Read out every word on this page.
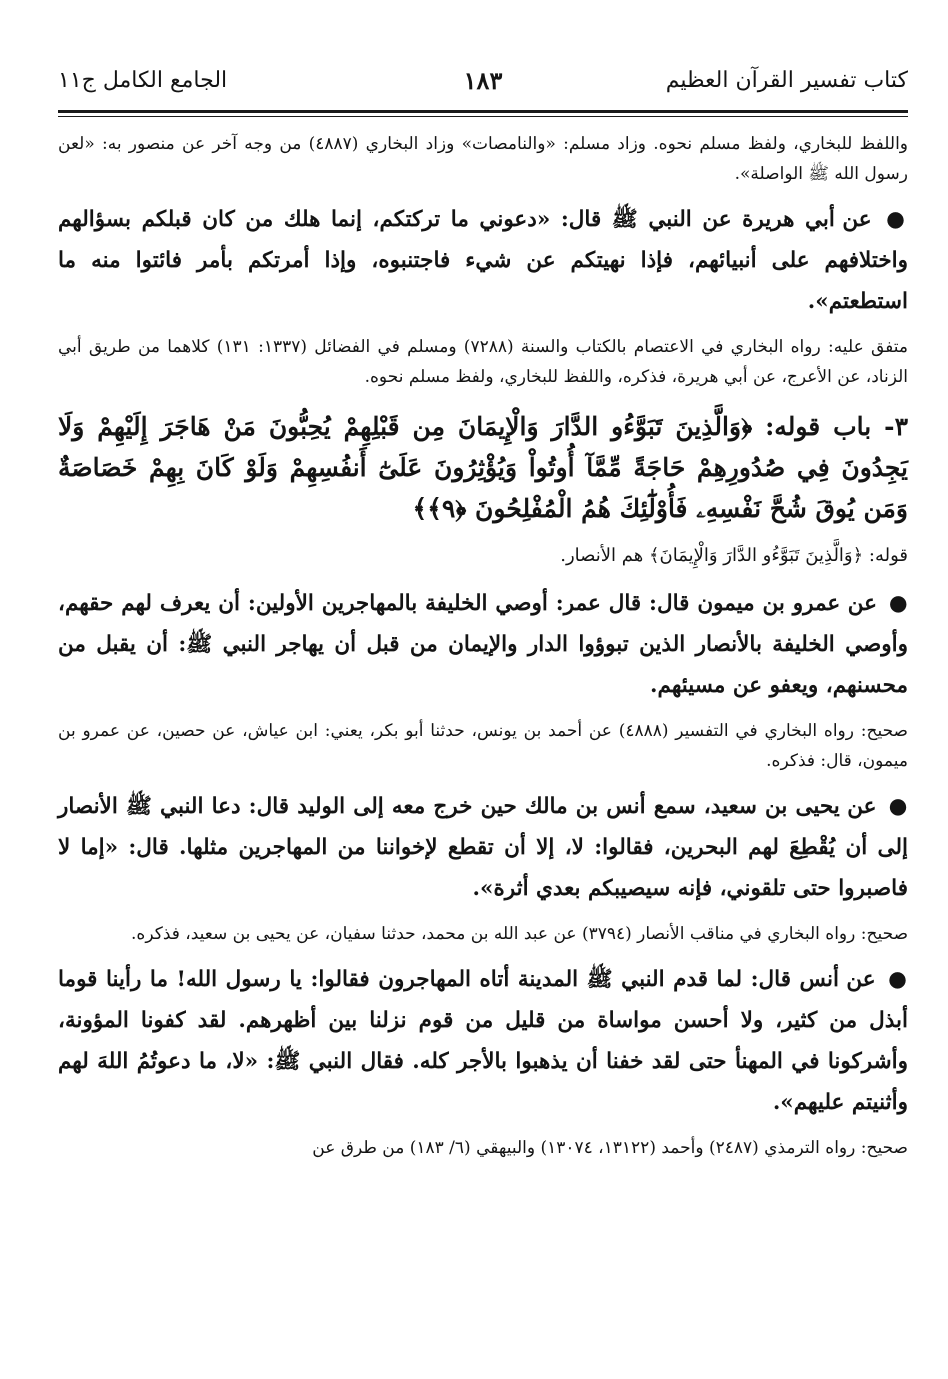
كتاب تفسير القرآن العظيم
١٨٣
الجامع الكامل ج١١

واللفظ للبخاري، ولفظ مسلم نحوه. وزاد مسلم: «والنامصات» وزاد البخاري (٤٨٨٧) من وجه آخر عن منصور به: «لعن رسول الله ﷺ الواصلة».

● عن أبي هريرة عن النبي ﷺ قال: «دعوني ما تركتكم، إنما هلك من كان قبلكم بسؤالهم واختلافهم على أنبيائهم، فإذا نهيتكم عن شيء فاجتنبوه، وإذا أمرتكم بأمر فائتوا منه ما استطعتم».

متفق عليه: رواه البخاري في الاعتصام بالكتاب والسنة (٧٢٨٨) ومسلم في الفضائل (١٣٣٧: ١٣١) كلاهما من طريق أبي الزناد، عن الأعرج، عن أبي هريرة، فذكره، واللفظ للبخاري، ولفظ مسلم نحوه.

٣- باب قوله: ﴿وَالَّذِينَ تَبَوَّءُو الدَّارَ وَالْإِيمَانَ مِن قَبْلِهِمْ يُحِبُّونَ مَنْ هَاجَرَ إِلَيْهِمْ وَلَا يَجِدُونَ فِي صُدُورِهِمْ حَاجَةً مِّمَّآ أُوتُواْ وَيُؤْثِرُونَ عَلَىٰٓ أَنفُسِهِمْ وَلَوْ كَانَ بِهِمْ خَصَاصَةٌ وَمَن يُوقَ شُحَّ نَفْسِهِۦ فَأُوْلَٰٓئِكَ هُمُ الْمُفْلِحُونَ ﴿٩﴾﴾

قوله: ﴿وَالَّذِينَ تَبَوَّءُو الدَّارَ وَالْإِيمَانَ﴾ هم الأنصار.

● عن عمرو بن ميمون قال: قال عمر: أوصي الخليفة بالمهاجرين الأولين: أن يعرف لهم حقهم، وأوصي الخليفة بالأنصار الذين تبوؤوا الدار والإيمان من قبل أن يهاجر النبي ﷺ: أن يقبل من محسنهم، ويعفو عن مسيئهم.

صحيح: رواه البخاري في التفسير (٤٨٨٨) عن أحمد بن يونس، حدثنا أبو بكر، يعني: ابن عياش، عن حصين، عن عمرو بن ميمون، قال: فذكره.

● عن يحيى بن سعيد، سمع أنس بن مالك حين خرج معه إلى الوليد قال: دعا النبي ﷺ الأنصار إلى أن يُقْطِعَ لهم البحرين، فقالوا: لا، إلا أن تقطع لإخواننا من المهاجرين مثلها. قال: «إما لا فاصبروا حتى تلقوني، فإنه سيصيبكم بعدي أثرة».

صحيح: رواه البخاري في مناقب الأنصار (٣٧٩٤) عن عبد الله بن محمد، حدثنا سفيان، عن يحيى بن سعيد، فذكره.

● عن أنس قال: لما قدم النبي ﷺ المدينة أتاه المهاجرون فقالوا: يا رسول الله! ما رأينا قوما أبذل من كثير، ولا أحسن مواساة من قليل من قوم نزلنا بين أظهرهم. لقد كفونا المؤونة، وأشركونا في المهنأ حتى لقد خفنا أن يذهبوا بالأجر كله. فقال النبي ﷺ: «لا، ما دعوتُمُ اللهَ لهم وأثنيتم عليهم».

صحيح: رواه الترمذي (٢٤٨٧) وأحمد (١٣١٢٢، ١٣٠٧٤) والبيهقي (٦/ ١٨٣) من طرق عن
